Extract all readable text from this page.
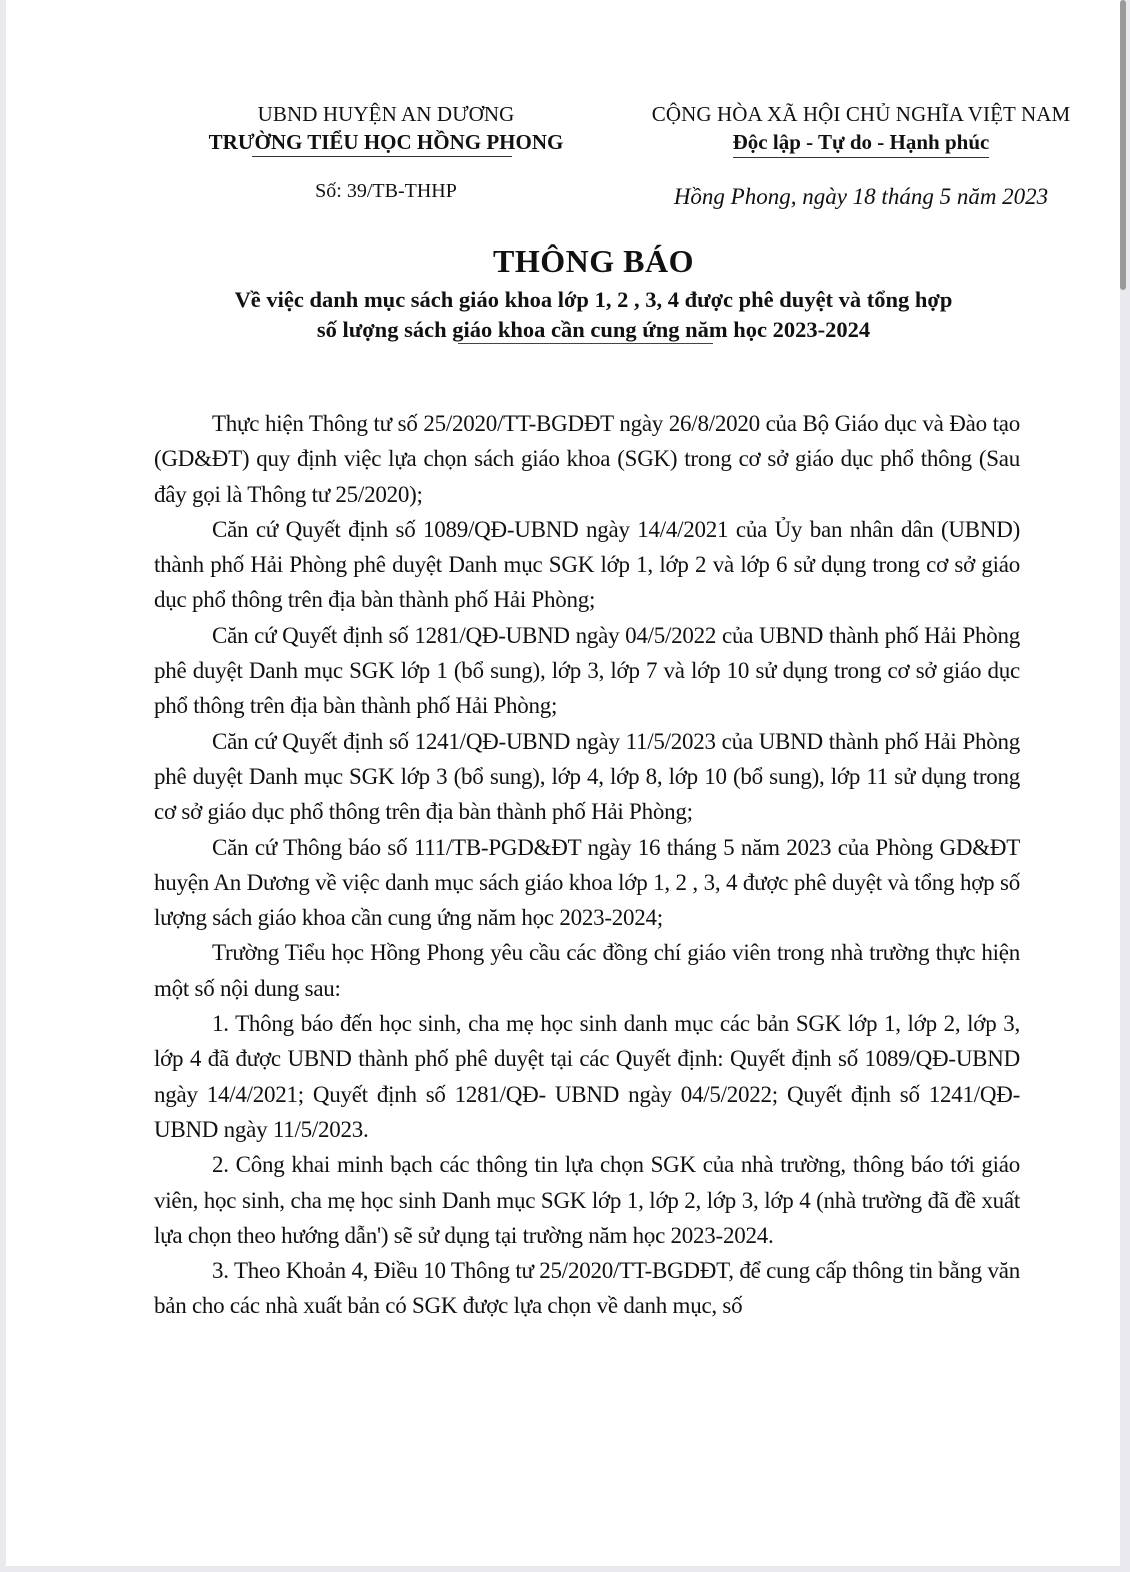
UBND HUYỆN AN DƯƠNG
TRƯỜNG TIỂU HỌC HỒNG PHONG
Số: 39/TB-THHP
CỘNG HÒA XÃ HỘI CHỦ NGHĨA VIỆT NAM
Độc lập - Tự do - Hạnh phúc
Hồng Phong, ngày 18 tháng 5 năm 2023
THÔNG BÁO
Về việc danh mục sách giáo khoa lớp 1, 2 , 3, 4 được phê duyệt và tổng hợp
số lượng sách giáo khoa cần cung ứng năm học 2023-2024

Thực hiện Thông tư số 25/2020/TT-BGDĐT ngày 26/8/2020 của Bộ Giáo dục và Đào tạo (GD&ĐT) quy định việc lựa chọn sách giáo khoa (SGK) trong cơ sở giáo dục phổ thông (Sau đây gọi là Thông tư 25/2020);

Căn cứ Quyết định số 1089/QĐ-UBND ngày 14/4/2021 của Ủy ban nhân dân (UBND) thành phố Hải Phòng phê duyệt Danh mục SGK lớp 1, lớp 2 và lớp 6 sử dụng trong cơ sở giáo dục phổ thông trên địa bàn thành phố Hải Phòng;

Căn cứ Quyết định số 1281/QĐ-UBND ngày 04/5/2022 của UBND thành phố Hải Phòng phê duyệt Danh mục SGK lớp 1 (bổ sung), lớp 3, lớp 7 và lớp 10 sử dụng trong cơ sở giáo dục phổ thông trên địa bàn thành phố Hải Phòng;

Căn cứ Quyết định số 1241/QĐ-UBND ngày 11/5/2023 của UBND thành phố Hải Phòng phê duyệt Danh mục SGK lớp 3 (bổ sung), lớp 4, lớp 8, lớp 10 (bổ sung), lớp 11 sử dụng trong cơ sở giáo dục phổ thông trên địa bàn thành phố Hải Phòng;

Căn cứ Thông báo số 111/TB-PGD&ĐT ngày 16 tháng 5 năm 2023 của Phòng GD&ĐT huyện An Dương về việc danh mục sách giáo khoa lớp 1, 2 , 3, 4 được phê duyệt và tổng hợp số lượng sách giáo khoa cần cung ứng năm học 2023-2024;

Trường Tiểu học Hồng Phong yêu cầu các đồng chí giáo viên trong nhà trường thực hiện một số nội dung sau:

1. Thông báo đến học sinh, cha mẹ học sinh danh mục các bản SGK lớp 1, lớp 2, lớp 3, lớp 4 đã được UBND thành phố phê duyệt tại các Quyết định: Quyết định số 1089/QĐ-UBND ngày 14/4/2021; Quyết định số 1281/QĐ- UBND ngày 04/5/2022; Quyết định số 1241/QĐ-UBND ngày 11/5/2023.

2. Công khai minh bạch các thông tin lựa chọn SGK của nhà trường, thông báo tới giáo viên, học sinh, cha mẹ học sinh Danh mục SGK lớp 1, lớp 2, lớp 3, lớp 4 (nhà trường đã đề xuất lựa chọn theo hướng dẫn') sẽ sử dụng tại trường năm học 2023-2024.

3. Theo Khoản 4, Điều 10 Thông tư 25/2020/TT-BGDĐT, để cung cấp thông tin bằng văn bản cho các nhà xuất bản có SGK được lựa chọn về danh mục, số
